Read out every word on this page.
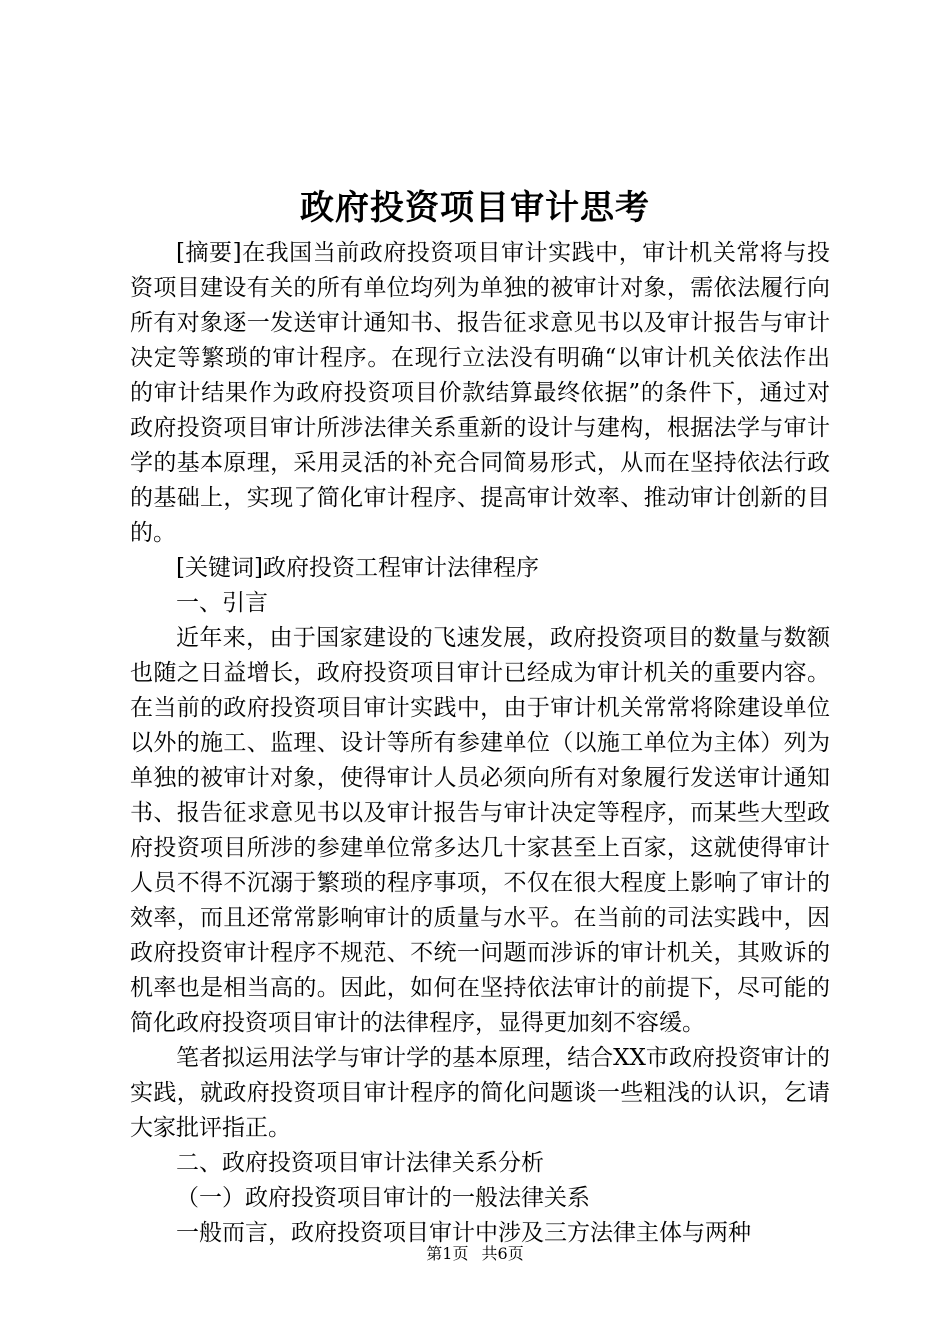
政府投资项目审计思考

[摘要]在我国当前政府投资项目审计实践中，审计机关常将与投资项目建设有关的所有单位均列为单独的被审计对象，需依法履行向所有对象逐一发送审计通知书、报告征求意见书以及审计报告与审计决定等繁琐的审计程序。在现行立法没有明确“以审计机关依法作出的审计结果作为政府投资项目价款结算最终依据”的条件下，通过对政府投资项目审计所涉法律关系重新的设计与建构，根据法学与审计学的基本原理，采用灵活的补充合同简易形式，从而在坚持依法行政的基础上，实现了简化审计程序、提高审计效率、推动审计创新的目的。

[关键词]政府投资工程审计法律程序

一、引言

近年来，由于国家建设的飞速发展，政府投资项目的数量与数额也随之日益增长，政府投资项目审计已经成为审计机关的重要内容。在当前的政府投资项目审计实践中，由于审计机关常常将除建设单位以外的施工、监理、设计等所有参建单位（以施工单位为主体）列为单独的被审计对象，使得审计人员必须向所有对象履行发送审计通知书、报告征求意见书以及审计报告与审计决定等程序，而某些大型政府投资项目所涉的参建单位常多达几十家甚至上百家，这就使得审计人员不得不沉溺于繁琐的程序事项，不仅在很大程度上影响了审计的效率，而且还常常影响审计的质量与水平。在当前的司法实践中，因政府投资审计程序不规范、不统一问题而涉诉的审计机关，其败诉的机率也是相当高的。因此，如何在坚持依法审计的前提下，尽可能的简化政府投资项目审计的法律程序，显得更加刻不容缓。

笔者拟运用法学与审计学的基本原理，结合XX市政府投资审计的实践，就政府投资项目审计程序的简化问题谈一些粗浅的认识，乞请大家批评指正。

二、政府投资项目审计法律关系分析

（一）政府投资项目审计的一般法律关系

一般而言，政府投资项目审计中涉及三方法律主体与两种

第1页 共6页
